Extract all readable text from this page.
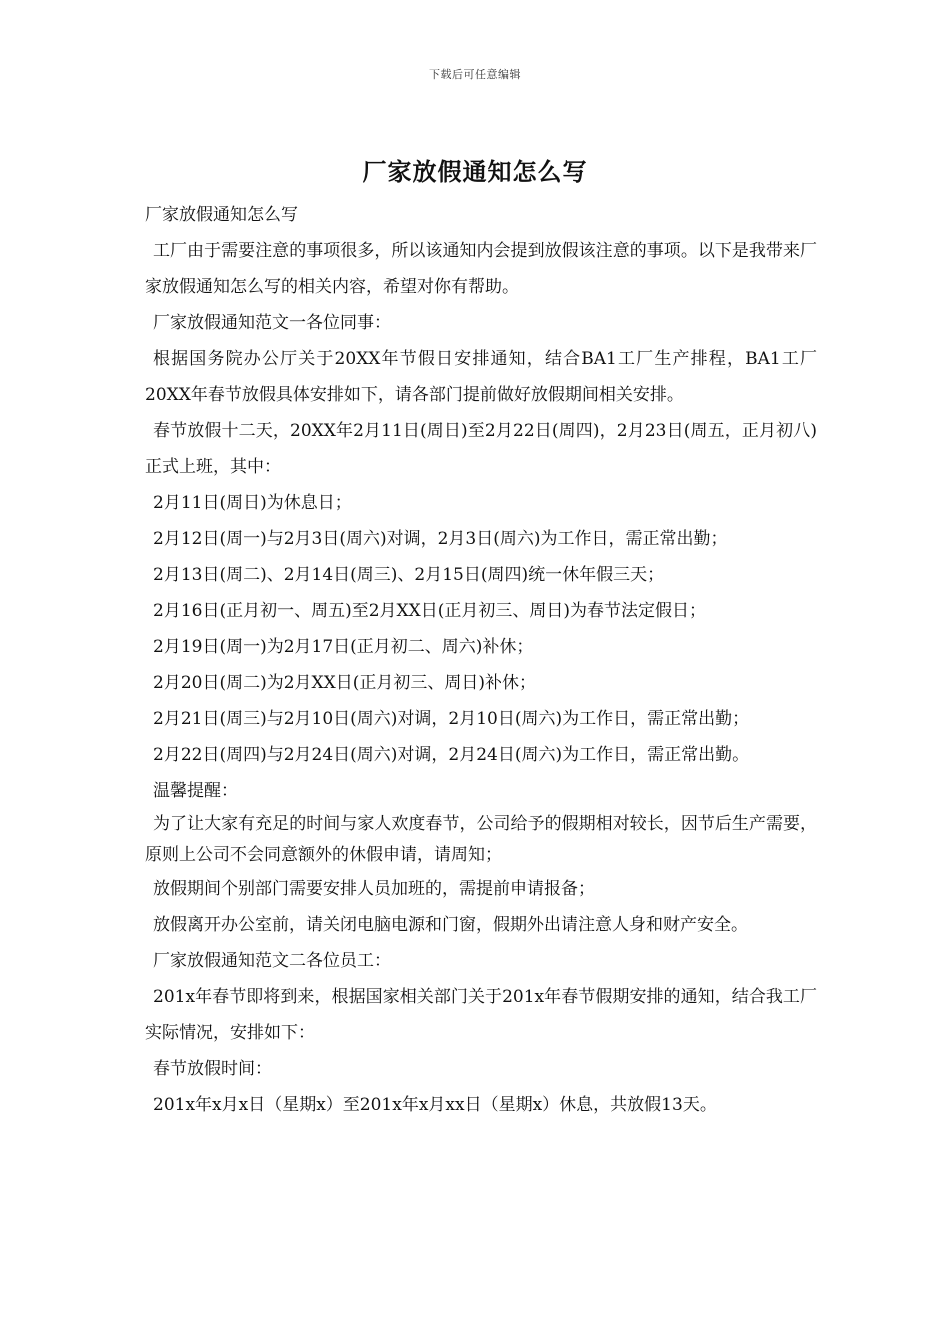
下载后可任意编辑
厂家放假通知怎么写

厂家放假通知怎么写

工厂由于需要注意的事项很多，所以该通知内会提到放假该注意的事项。以下是我带来厂家放假通知怎么写的相关内容，希望对你有帮助。

厂家放假通知范文一各位同事：

根据国务院办公厅关于20XX年节假日安排通知，结合BA1工厂生产排程，BA1工厂20XX年春节放假具体安排如下，请各部门提前做好放假期间相关安排。

春节放假十二天，20XX年2月11日(周日)至2月22日(周四)，2月23日(周五，正月初八)正式上班，其中：

2月11日(周日)为休息日；

2月12日(周一)与2月3日(周六)对调，2月3日(周六)为工作日，需正常出勤；

2月13日(周二)、2月14日(周三)、2月15日(周四)统一休年假三天；

2月16日(正月初一、周五)至2月XX日(正月初三、周日)为春节法定假日；

2月19日(周一)为2月17日(正月初二、周六)补休；

2月20日(周二)为2月XX日(正月初三、周日)补休；

2月21日(周三)与2月10日(周六)对调，2月10日(周六)为工作日，需正常出勤；

2月22日(周四)与2月24日(周六)对调，2月24日(周六)为工作日，需正常出勤。

温馨提醒：

为了让大家有充足的时间与家人欢度春节，公司给予的假期相对较长，因节后生产需要，原则上公司不会同意额外的休假申请，请周知；

放假期间个别部门需要安排人员加班的，需提前申请报备；

放假离开办公室前，请关闭电脑电源和门窗，假期外出请注意人身和财产安全。

厂家放假通知范文二各位员工：

201x年春节即将到来，根据国家相关部门关于201x年春节假期安排的通知，结合我工厂实际情况，安排如下：

春节放假时间：

201x年x月x日（星期x）至201x年x月xx日（星期x）休息，共放假13天。
